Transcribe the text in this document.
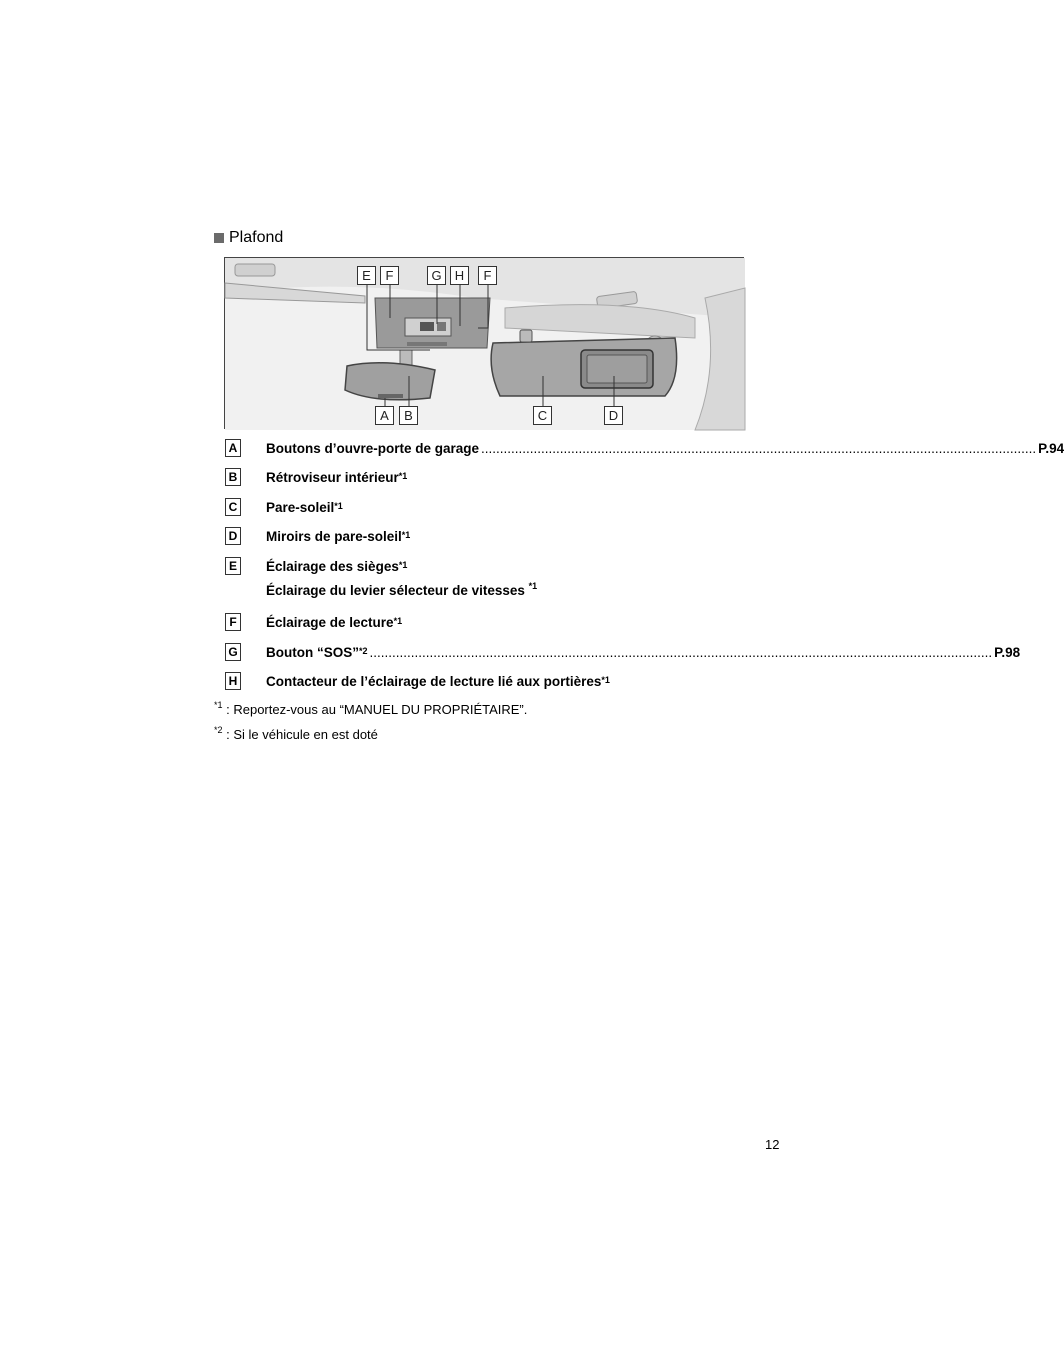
Plafond
E	F	G	H	F
A	B	C	D
A Boutons d’ouvre-porte de garage .................................................................................................................................................... P.94
B Rétroviseur intérieur$^{*1}$
C Pare-soleil$^{*1}$
D Miroirs de pare-soleil$^{*1}$
E Éclairage des sièges$^{*1}$
Éclairage du levier sélecteur de vitesses $^{*1}$
F	Éclairage de lecture$^{*1}$
G Bouton “SOS”$^{*2}$ ...................................................................................................................................................................... P.98
H Contacteur de l’éclairage de lecture lié aux portières$^{*1}$
$^{*1}$ : Reportez-vous au “MANUEL DU PROPRIÉTAIRE”.
$^{*2}$ : Si le véhicule en est doté
12
